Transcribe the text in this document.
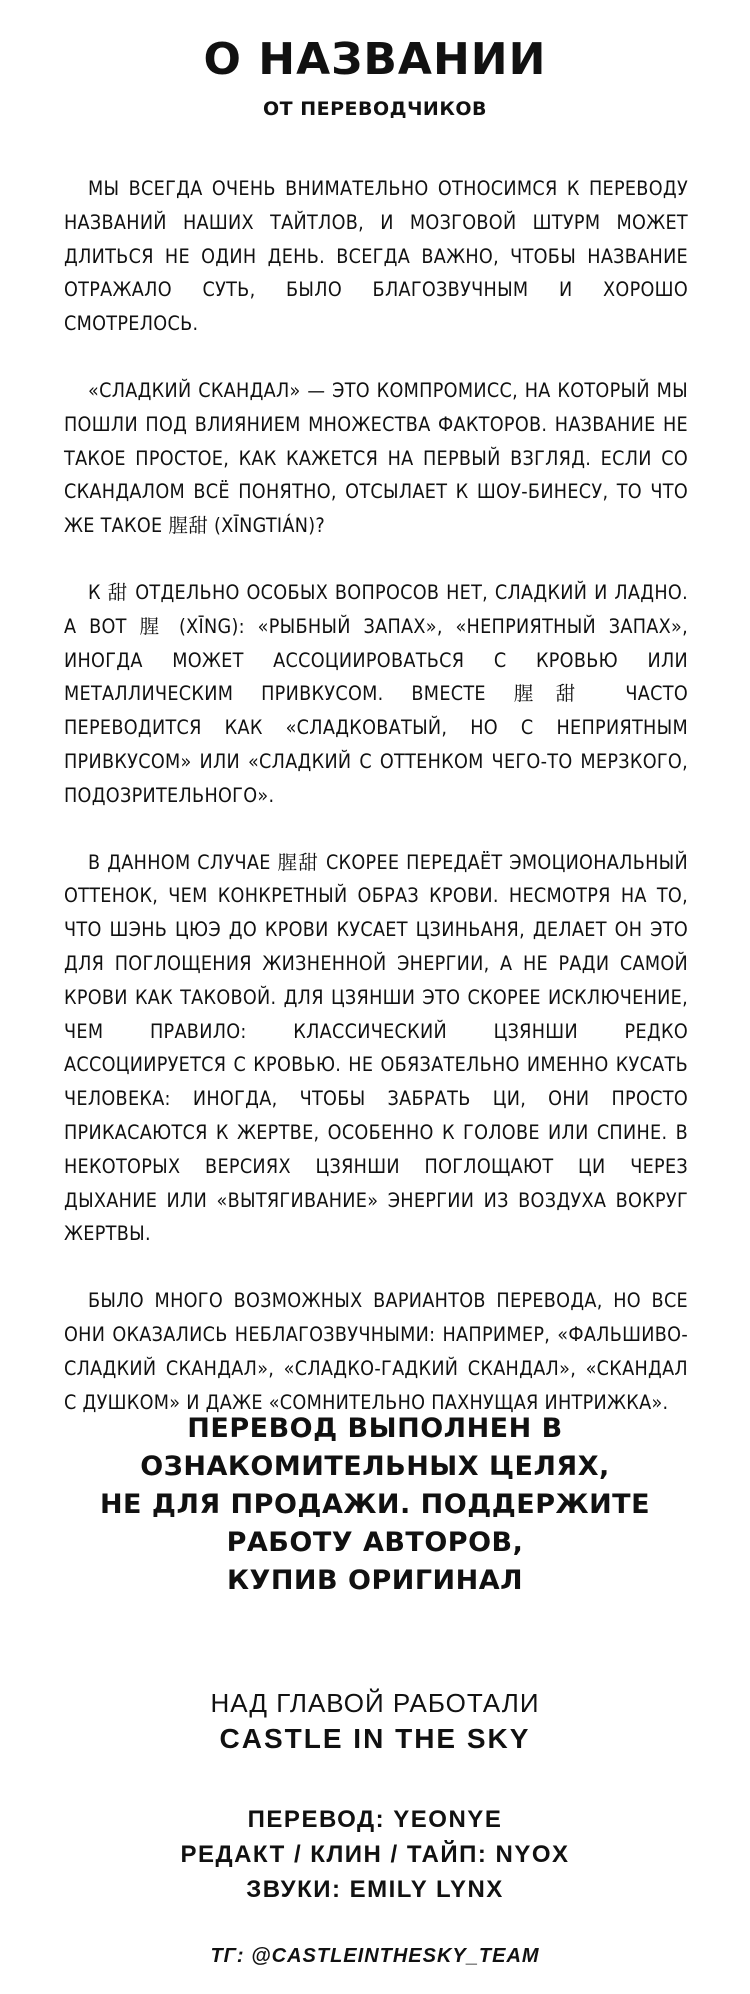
О НАЗВАНИИ
ОТ ПЕРЕВОДЧИКОВ

МЫ ВСЕГДА ОЧЕНЬ ВНИМАТЕЛЬНО ОТНОСИМСЯ К ПЕРЕВОДУ НАЗВАНИЙ НАШИХ ТАЙТЛОВ, И МОЗГОВОЙ ШТУРМ МОЖЕТ ДЛИТЬСЯ НЕ ОДИН ДЕНЬ. ВСЕГДА ВАЖНО, ЧТОБЫ НАЗВАНИЕ ОТРАЖАЛО СУТЬ, БЫЛО БЛАГОЗВУЧНЫМ И ХОРОШО СМОТРЕЛОСЬ.

«СЛАДКИЙ СКАНДАЛ» — ЭТО КОМПРОМИСС, НА КОТОРЫЙ МЫ ПОШЛИ ПОД ВЛИЯНИЕМ МНОЖЕСТВА ФАКТОРОВ. НАЗВАНИЕ НЕ ТАКОЕ ПРОСТОЕ, КАК КАЖЕТСЯ НА ПЕРВЫЙ ВЗГЛЯД. ЕСЛИ СО СКАНДАЛОМ ВСЁ ПОНЯТНО, ОТСЫЛАЕТ К ШОУ-БИНЕСУ, ТО ЧТО ЖЕ ТАКОЕ 腥甜 (XĪNGTIÁN)?

К 甜 ОТДЕЛЬНО ОСОБЫХ ВОПРОСОВ НЕТ, СЛАДКИЙ И ЛАДНО. А ВОТ 腥 (XĪNG): «РЫБНЫЙ ЗАПАХ», «НЕПРИЯТНЫЙ ЗАПАХ», ИНОГДА МОЖЕТ АССОЦИИРОВАТЬСЯ С КРОВЬЮ ИЛИ МЕТАЛЛИЧЕСКИМ ПРИВКУСОМ. ВМЕСТЕ 腥甜 ЧАСТО ПЕРЕВОДИТСЯ КАК «СЛАДКОВАТЫЙ, НО С НЕПРИЯТНЫМ ПРИВКУСОМ» ИЛИ «СЛАДКИЙ С ОТТЕНКОМ ЧЕГО-ТО МЕРЗКОГО, ПОДОЗРИТЕЛЬНОГО».

В ДАННОМ СЛУЧАЕ 腥甜 СКОРЕЕ ПЕРЕДАЁТ ЭМОЦИОНАЛЬНЫЙ ОТТЕНОК, ЧЕМ КОНКРЕТНЫЙ ОБРАЗ КРОВИ. НЕСМОТРЯ НА ТО, ЧТО ШЭНЬ ЦЮЭ ДО КРОВИ КУСАЕТ ЦЗИНЬАНЯ, ДЕЛАЕТ ОН ЭТО ДЛЯ ПОГЛОЩЕНИЯ ЖИЗНЕННОЙ ЭНЕРГИИ, А НЕ РАДИ САМОЙ КРОВИ КАК ТАКОВОЙ. ДЛЯ ЦЗЯНШИ ЭТО СКОРЕЕ ИСКЛЮЧЕНИЕ, ЧЕМ ПРАВИЛО: КЛАССИЧЕСКИЙ ЦЗЯНШИ РЕДКО АССОЦИИРУЕТСЯ С КРОВЬЮ. НЕ ОБЯЗАТЕЛЬНО ИМЕННО КУСАТЬ ЧЕЛОВЕКА: ИНОГДА, ЧТОБЫ ЗАБРАТЬ ЦИ, ОНИ ПРОСТО ПРИКАСАЮТСЯ К ЖЕРТВЕ, ОСОБЕННО К ГОЛОВЕ ИЛИ СПИНЕ. В НЕКОТОРЫХ ВЕРСИЯХ ЦЗЯНШИ ПОГЛОЩАЮТ ЦИ ЧЕРЕЗ ДЫХАНИЕ ИЛИ «ВЫТЯГИВАНИЕ» ЭНЕРГИИ ИЗ ВОЗДУХА ВОКРУГ ЖЕРТВЫ.

БЫЛО МНОГО ВОЗМОЖНЫХ ВАРИАНТОВ ПЕРЕВОДА, НО ВСЕ ОНИ ОКАЗАЛИСЬ НЕБЛАГОЗВУЧНЫМИ: НАПРИМЕР, «ФАЛЬШИВО-СЛАДКИЙ СКАНДАЛ», «СЛАДКО-ГАДКИЙ СКАНДАЛ», «СКАНДАЛ С ДУШКОМ» И ДАЖЕ «СОМНИТЕЛЬНО ПАХНУЩАЯ ИНТРИЖКА».

ПЕРЕВОД ВЫПОЛНЕН В ОЗНАКОМИТЕЛЬНЫХ ЦЕЛЯХ,
НЕ ДЛЯ ПРОДАЖИ. ПОДДЕРЖИТЕ РАБОТУ АВТОРОВ,
КУПИВ ОРИГИНАЛ
НАД ГЛАВОЙ РАБОТАЛИ
CASTLE IN THE SKY
ПЕРЕВОД: YEONYE
РЕДАКТ / КЛИН / ТАЙП: NYOX
ЗВУКИ: EMILY LYNX
ТГ: @CASTLEINTHESKY_TEAM
